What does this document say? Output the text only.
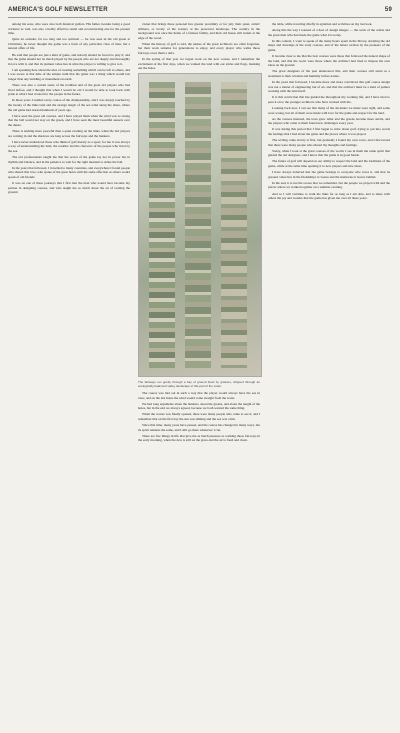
AMERICA'S GOLF NEWSLETTER	59

among his sons, who were also both fanatical golfers. His father, besides being a good cricketer as well, was also a hobby effective rental and reconstructing one for the present time.

Quite an outsider, far too long and too spiritual — he was seen in the old green at Christmas; he never thought the game was a form of any particular class of men, but a natural affair of life.

He said that people are just a kind of game, and nobody should be forced to play it; and that the game should not be much played by the people who are not deeply and thoroughly in love with it, and that its plainest value lies in what the player is willing to give to it.

I am speaking here about the idea of creating something which can be left to others, and I was aware at that time of the simple truth that the game was a thing which would last longer than any building or monument on earth.

There was also a certain sense of the tradition and of the great old players who had lived before, and I thought that when I would be old I would be able to look back with pride at what I had created for the people in the future.

In those years I studied every course of the championship, and I was deeply touched by the beauty of the links land and the strange magic of the sea wind along the shore, where the old game had started hundreds of years ago.

I have seen the great old courses, and I have played them when the wind was so strong that the ball would not stay on the green, and I have seen the most beautiful sunsets over the dunes.

There is nothing more peaceful than a quiet evening on the links, when the last players are coming in and the shadows are long across the fairways and the bunkers.

I have never understood those who think of golf merely as a sport; for me it was always a way of understanding the land, the weather and the character of the people who lived by the sea.

The old professionals taught me that the secret of the game lay not in power but in rhythm and balance, and in the patience to wait for the right moment to strike the ball.

In the years that followed, I travelled to many countries, and everywhere I found people who shared this love, who spoke of the great holes with the same affection as others would speak of old friends.

It was on one of these journeys that I first met the man who would later become my partner in designing courses, and who taught me so much about the art of reading the ground.

vision that brings these personal lies greater proximity or for pity their quiet, artists' stillness, or lovely of the scenery at the preserved landscape. The country in the background was once the home of a famous family, and their old house still stands at the edge of the wood.

When the history of golf is told, the names of the great architects are often forgotten, but their work remains for generations to enjoy, and every player who walks those fairways owes them a debt.

In the spring of that year we began work on the new course, and I remember the excitement of the first days, when we walked the land with our sticks and flags, marking out the holes.

The fairways run gently through a bay of ground lined by grasses, shipped through an ecologically-balanced valley landscape of this part of the coast.

The course was laid out in such a way that the player would always have the sea in view, and on the last holes the wind would come straight from the water.

We had long arguments about the bunkers, about the greens, and about the length of the holes, but in the end we always agreed, because we both wanted the same thing.

When the course was finally opened, there were many people who came to see it, and I remember that on the first day the sun was shining and the sea was calm.

Since that time, many years have passed, and the course has changed in many ways, but its spirit remains the same, and I still go there whenever I can.

There are few things in life that give me as much pleasure as walking those fairways in the early morning, when the dew is still on the grass and the air is fresh and clean.

the table, while traveling chiefly in agitation and activities on my last look.

Along this the way I learned of a host of design images — the work of the artists and the great men who had made the game what it is today.

In this context, I want to speak of the many hours spent in the library, studying the old maps and drawings of the early courses, and of the letters written by the pioneers of the game.

It became clear to me that the best courses were those that followed the natural shape of the land, and that the worst were those where the architect had tried to impose his own ideas on the ground.

The great designers of the past understood this, and their courses still stand as a testament to their wisdom and humility before nature.

In the years that followed, I became more and more convinced that golf course design was not a matter of engineering but of art, and that the architect must be a kind of painter working with the land itself.

It is this conviction that has guided me throughout my working life, and I have tried to pass it on to the younger architects who have worked with me.

Looking back now, I can see that many of the decisions we made were right, and some were wrong, but all of them were made with love for the game and respect for the land.

As the courses matured, the trees grew taller and the greens became more subtle, and the players who came to them found new challenges every year.

It was during this period that I first began to write about golf, trying to put into words the feelings that I had about the game and the places where it was played.

The writing came slowly at first, but gradually I found my own voice, and I discovered that there were many people who shared my thoughts and feelings.

Today, when I look at the great courses of the world, I see in them the same spirit that guided the old designers, and I know that the game is in good hands.

The future of golf will depend on our ability to respect the land and the traditions of the game, while at the same time opening it to new players and new ideas.

I have always believed that the game belongs to everyone who loves it, and that its greatest value lies in the friendships it creates and the memories it leaves behind.

In the end, it is not the scores that we remember, but the people we played with and the places where we walked together on a summer evening.

And so I will continue to walk the links for as long as I am able, and to share with others the joy and wonder that the game has given me over all these years.
